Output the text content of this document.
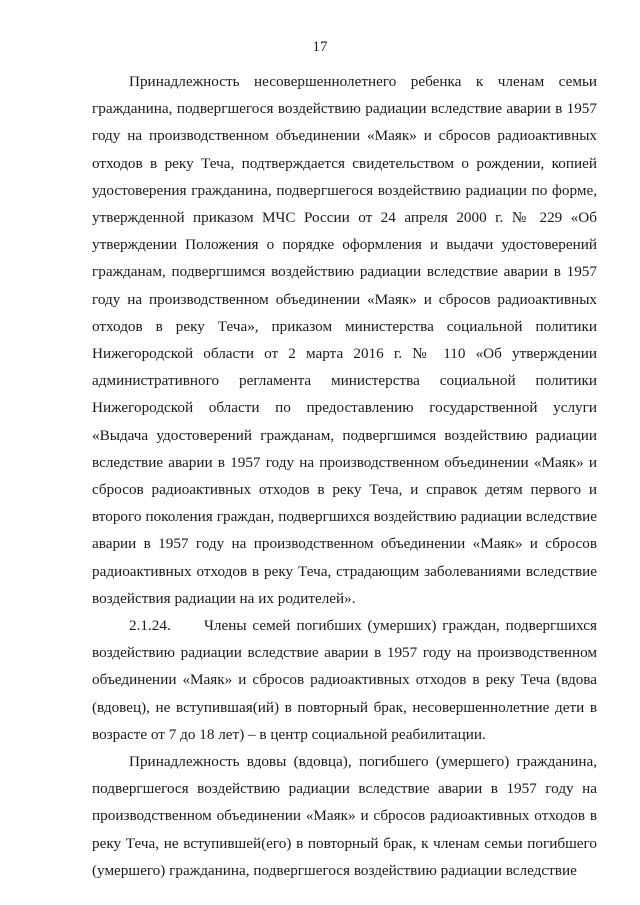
17

Принадлежность несовершеннолетнего ребенка к членам семьи гражданина, подвергшегося воздействию радиации вследствие аварии в 1957 году на производственном объединении «Маяк» и сбросов радиоактивных отходов в реку Теча, подтверждается свидетельством о рождении, копией удостоверения гражданина, подвергшегося воздействию радиации по форме, утвержденной приказом МЧС России от 24 апреля 2000 г. № 229 «Об утверждении Положения о порядке оформления и выдачи удостоверений гражданам, подвергшимся воздействию радиации вследствие аварии в 1957 году на производственном объединении «Маяк» и сбросов радиоактивных отходов в реку Теча», приказом министерства социальной политики Нижегородской области от 2 марта 2016 г. № 110 «Об утверждении административного регламента министерства социальной политики Нижегородской области по предоставлению государственной услуги «Выдача удостоверений гражданам, подвергшимся воздействию радиации вследствие аварии в 1957 году на производственном объединении «Маяк» и сбросов радиоактивных отходов в реку Теча, и справок детям первого и второго поколения граждан, подвергшихся воздействию радиации вследствие аварии в 1957 году на производственном объединении «Маяк» и сбросов радиоактивных отходов в реку Теча, страдающим заболеваниями вследствие воздействия радиации на их родителей».

2.1.24. Члены семей погибших (умерших) граждан, подвергшихся воздействию радиации вследствие аварии в 1957 году на производственном объединении «Маяк» и сбросов радиоактивных отходов в реку Теча (вдова (вдовец), не вступившая(ий) в повторный брак, несовершеннолетние дети в возрасте от 7 до 18 лет) – в центр социальной реабилитации.

Принадлежность вдовы (вдовца), погибшего (умершего) гражданина, подвергшегося воздействию радиации вследствие аварии в 1957 году на производственном объединении «Маяк» и сбросов радиоактивных отходов в реку Теча, не вступившей(его) в повторный брак, к членам семьи погибшего (умершего) гражданина, подвергшегося воздействию радиации вследствие
